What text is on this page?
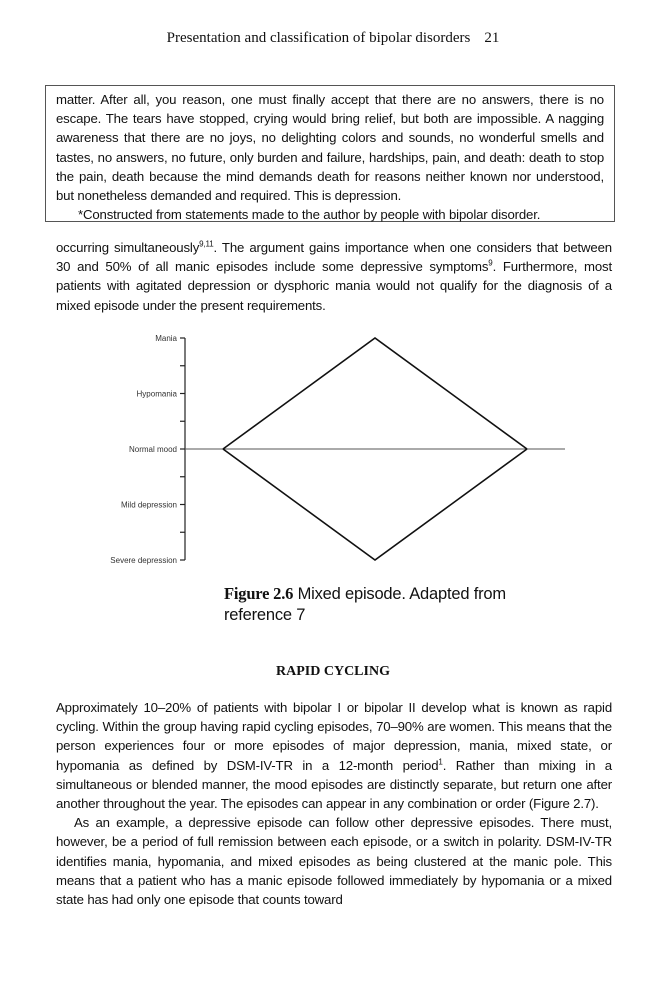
Presentation and classification of bipolar disorders 21

matter. After all, you reason, one must finally accept that there are no answers, there is no escape. The tears have stopped, crying would bring relief, but both are impossible. A nagging awareness that there are no joys, no delighting colors and sounds, no wonderful smells and tastes, no answers, no future, only burden and failure, hardships, pain, and death: death to stop the pain, death because the mind demands death for reasons neither known nor understood, but nonetheless demanded and required. This is depression.

*Constructed from statements made to the author by people with bipolar disorder.

occurring simultaneously$^{9,11}$. The argument gains importance when one considers that between 30 and 50% of all manic episodes include some depressive symptoms$^9$. Furthermore, most patients with agitated depression or dysphoric mania would not qualify for the diagnosis of a mixed episode under the present requirements.

Severe depression
Mild depression
Normal mood
Hypomania
Mania
Figure 2.6 Mixed episode. Adapted from reference 7
RAPID CYCLING

Approximately 10–20% of patients with bipolar I or bipolar II develop what is known as rapid cycling. Within the group having rapid cycling episodes, 70–90% are women. This means that the person experiences four or more episodes of major depression, mania, mixed state, or hypomania as defined by DSM-IV-TR in a 12-month period$^1$. Rather than mixing in a simultaneous or blended manner, the mood episodes are distinctly separate, but return one after another throughout the year. The episodes can appear in any combination or order (Figure 2.7).

As an example, a depressive episode can follow other depressive episodes. There must, however, be a period of full remission between each episode, or a switch in polarity. DSM-IV-TR identifies mania, hypomania, and mixed episodes as being clustered at the manic pole. This means that a patient who has a manic episode followed immediately by hypomania or a mixed state has had only one episode that counts toward
